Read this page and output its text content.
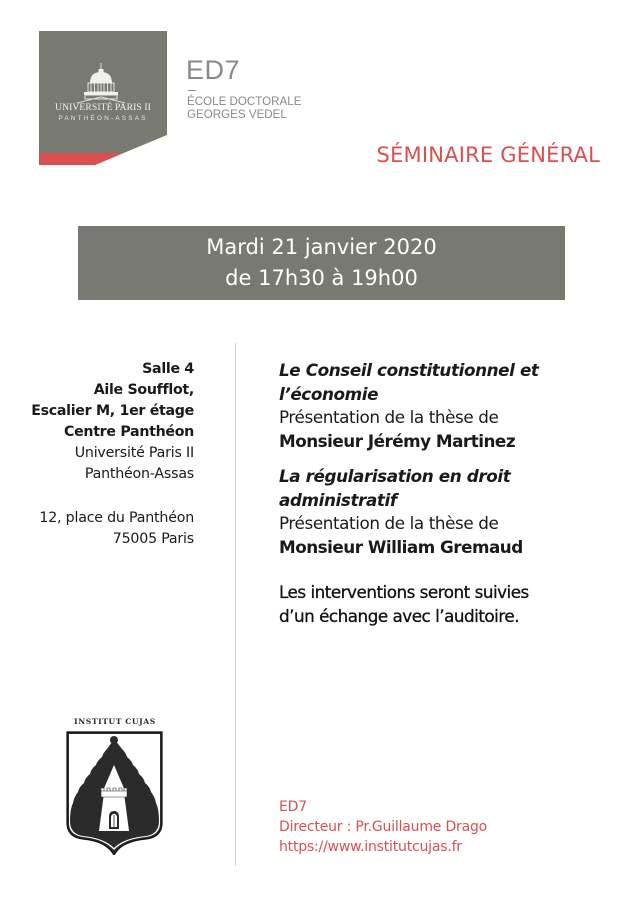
UNIVERSITÉ PARIS II
PANTHÉON-ASSAS
ED7
ÉCOLE DOCTORALE
GEORGES VEDEL
SÉMINAIRE GÉNÉRAL
Mardi 21 janvier 2020
de 17h30 à 19h00
Salle 4
Aile Soufflot,
Escalier M, 1er étage
Centre Panthéon
Université Paris II
Panthéon-Assas
12, place du Panthéon
75005 Paris
Le Conseil constitutionnel et
l’économie
Présentation de la thèse de
Monsieur Jérémy Martinez
La régularisation en droit
administratif
Présentation de la thèse de
Monsieur William Gremaud
Les interventions seront suivies
d’un échange avec l’auditoire.
INSTITUT CUJAS
ED7
Directeur : Pr.Guillaume Drago
https://www.institutcujas.fr
